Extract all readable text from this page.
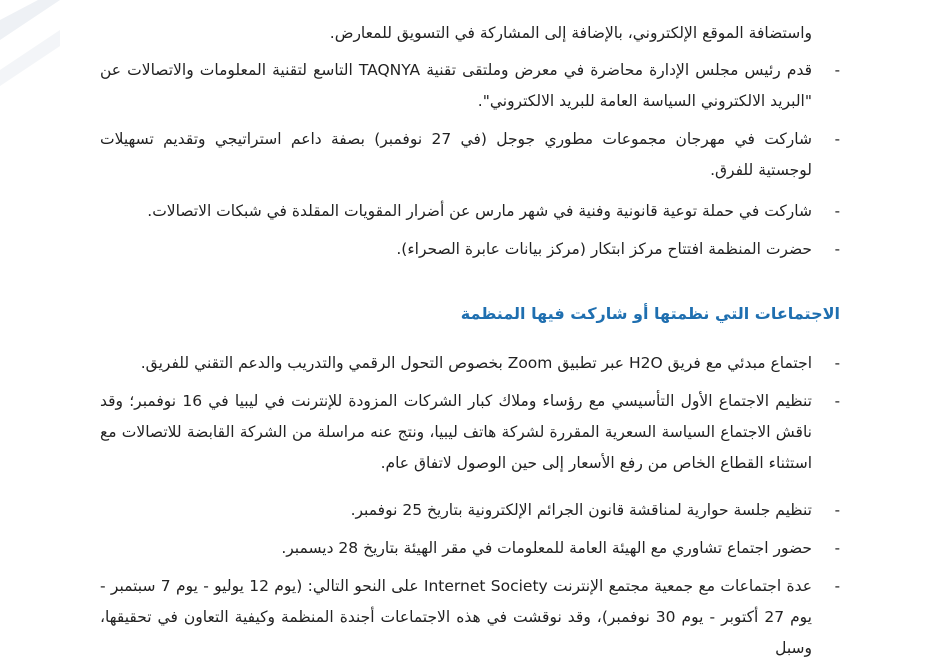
واستضافة الموقع الإلكتروني، بالإضافة إلى المشاركة في التسويق للمعارض.
-
قدم رئيس مجلس الإدارة محاضرة في معرض وملتقى تقنية TAQNYA التاسع لتقنية المعلومات والاتصالات عن "البريد الالكتروني السياسة العامة للبريد الالكتروني".
-
شاركت في مهرجان مجموعات مطوري جوجل (في 27 نوفمبر) بصفة داعم استراتيجي وتقديم تسهيلات لوجستية للفرق.
-
شاركت في حملة توعية قانونية وفنية في شهر مارس عن أضرار المقويات المقلدة في شبكات الاتصالات.
-
حضرت المنظمة افتتاح مركز ابتكار (مركز بيانات عابرة الصحراء).
الاجتماعات التي نظمتها أو شاركت فيها المنظمة
-
اجتماع مبدئي مع فريق H2O عبر تطبيق Zoom بخصوص التحول الرقمي والتدريب والدعم التقني للفريق.
-
تنظيم الاجتماع الأول التأسيسي مع رؤساء وملاك كبار الشركات المزودة للإنترنت في ليبيا في 16 نوفمبر؛ وقد ناقش الاجتماع السياسة السعرية المقررة لشركة هاتف ليبيا، ونتج عنه مراسلة من الشركة القابضة للاتصالات مع استثناء القطاع الخاص من رفع الأسعار إلى حين الوصول لاتفاق عام.
-
تنظيم جلسة حوارية لمناقشة قانون الجرائم الإلكترونية بتاريخ 25 نوفمبر.
-
حضور اجتماع تشاوري مع الهيئة العامة للمعلومات في مقر الهيئة بتاريخ 28 ديسمبر.
-
عدة اجتماعات مع جمعية مجتمع الإنترنت Internet Society على النحو التالي: (يوم 12 يوليو - يوم 7 سبتمبر - يوم 27 أكتوبر - يوم 30 نوفمبر)، وقد نوقشت في هذه الاجتماعات أجندة المنظمة وكيفية التعاون في تحقيقها، وسبل
